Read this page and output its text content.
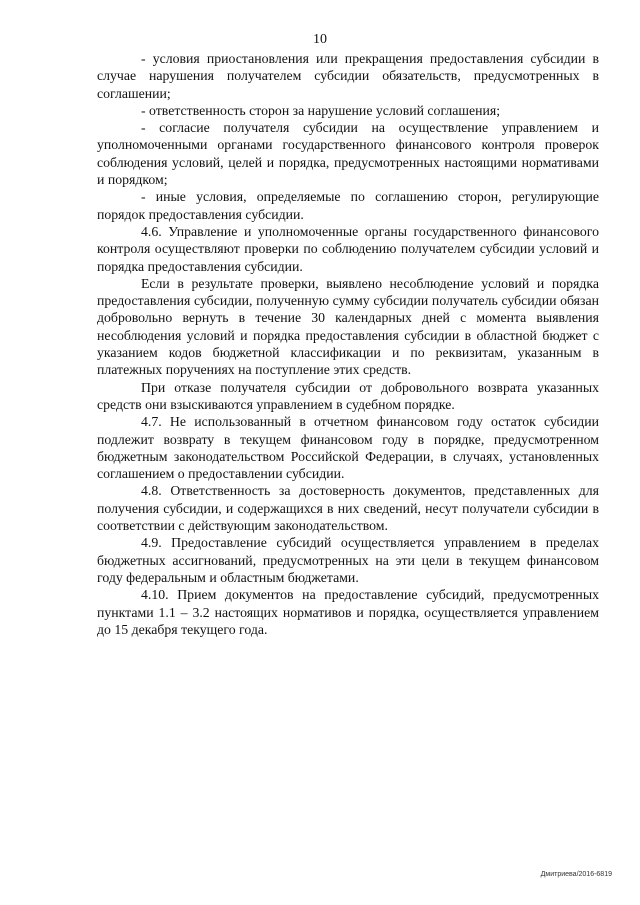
10

- условия приостановления или прекращения предоставления субсидии в случае нарушения получателем субсидии обязательств, предусмотренных в соглашении;

- ответственность сторон за нарушение условий соглашения;

- согласие получателя субсидии на осуществление управлением и уполномоченными органами государственного финансового контроля проверок соблюдения условий, целей и порядка, предусмотренных настоящими нормативами и порядком;

- иные условия, определяемые по соглашению сторон, регулирующие порядок предоставления субсидии.

4.6. Управление и уполномоченные органы государственного финансового контроля осуществляют проверки по соблюдению получателем субсидии условий и порядка предоставления субсидии.

Если в результате проверки, выявлено несоблюдение условий и порядка предоставления субсидии, полученную сумму субсидии получатель субсидии обязан добровольно вернуть в течение 30 календарных дней с момента выявления несоблюдения условий и порядка предоставления субсидии в областной бюджет с указанием кодов бюджетной классификации и по реквизитам, указанным в платежных поручениях на поступление этих средств.

При отказе получателя субсидии от добровольного возврата указанных средств они взыскиваются управлением в судебном порядке.

4.7. Не использованный в отчетном финансовом году остаток субсидии подлежит возврату в текущем финансовом году в порядке, предусмотренном бюджетным законодательством Российской Федерации, в случаях, установленных соглашением о предоставлении субсидии.

4.8. Ответственность за достоверность документов, представленных для получения субсидии, и содержащихся в них сведений, несут получатели субсидии в соответствии с действующим законодательством.

4.9. Предоставление субсидий осуществляется управлением в пределах бюджетных ассигнований, предусмотренных на эти цели в текущем финансовом году федеральным и областным бюджетами.

4.10. Прием документов на предоставление субсидий, предусмотренных пунктами 1.1 – 3.2 настоящих нормативов и порядка, осуществляется управлением до 15 декабря текущего года.

Дмитриева/2016-6819
